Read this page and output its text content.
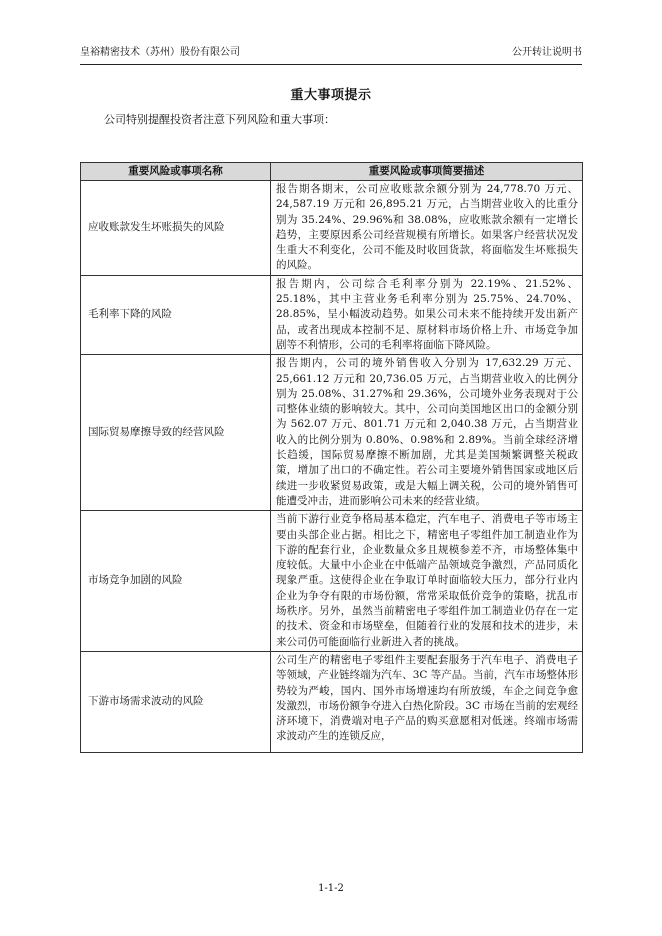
皇裕精密技术（苏州）股份有限公司	公开转让说明书
重大事项提示
公司特别提醒投资者注意下列风险和重大事项：
重要风险或事项名称	重要风险或事项简要描述
应收账款发生坏账损失的风险	报告期各期末，公司应收账款余额分别为 24,778.70 万元、24,587.19 万元和 26,895.21 万元，占当期营业收入的比重分别为 35.24%、29.96%和 38.08%，应收账款余额有一定增长趋势，主要原因系公司经营规模有所增长。如果客户经营状况发生重大不利变化，公司不能及时收回货款，将面临发生坏账损失的风险。
毛利率下降的风险	报告期内，公司综合毛利率分别为 22.19%、21.52%、25.18%，其中主营业务毛利率分别为 25.75%、24.70%、28.85%，呈小幅波动趋势。如果公司未来不能持续开发出新产品，或者出现成本控制不足、原材料市场价格上升、市场竞争加剧等不利情形，公司的毛利率将面临下降风险。
国际贸易摩擦导致的经营风险	报告期内，公司的境外销售收入分别为 17,632.29 万元、25,661.12 万元和 20,736.05 万元，占当期营业收入的比例分别为 25.08%、31.27%和 29.36%，公司境外业务表现对于公司整体业绩的影响较大。其中，公司向美国地区出口的金额分别为 562.07 万元、801.71 万元和 2,040.38 万元，占当期营业收入的比例分别为 0.80%、0.98%和 2.89%。当前全球经济增长趋缓，国际贸易摩擦不断加剧，尤其是美国频繁调整关税政策，增加了出口的不确定性。若公司主要境外销售国家或地区后续进一步收紧贸易政策，或是大幅上调关税，公司的境外销售可能遭受冲击，进而影响公司未来的经营业绩。
市场竞争加剧的风险	当前下游行业竞争格局基本稳定，汽车电子、消费电子等市场主要由头部企业占据。相比之下，精密电子零组件加工制造业作为下游的配套行业，企业数量众多且规模参差不齐，市场整体集中度较低。大量中小企业在中低端产品领域竞争激烈，产品同质化现象严重。这使得企业在争取订单时面临较大压力，部分行业内企业为争夺有限的市场份额，常常采取低价竞争的策略，扰乱市场秩序。另外，虽然当前精密电子零组件加工制造业仍存在一定的技术、资金和市场壁垒，但随着行业的发展和技术的进步，未来公司仍可能面临行业新进入者的挑战。
下游市场需求波动的风险	公司生产的精密电子零组件主要配套服务于汽车电子、消费电子等领域，产业链终端为汽车、3C 等产品。当前，汽车市场整体形势较为严峻，国内、国外市场增速均有所放缓，车企之间竞争愈发激烈，市场份额争夺进入白热化阶段。3C 市场在当前的宏观经济环境下，消费端对电子产品的购买意愿相对低迷。终端市场需求波动产生的连锁反应，
1-1-2
